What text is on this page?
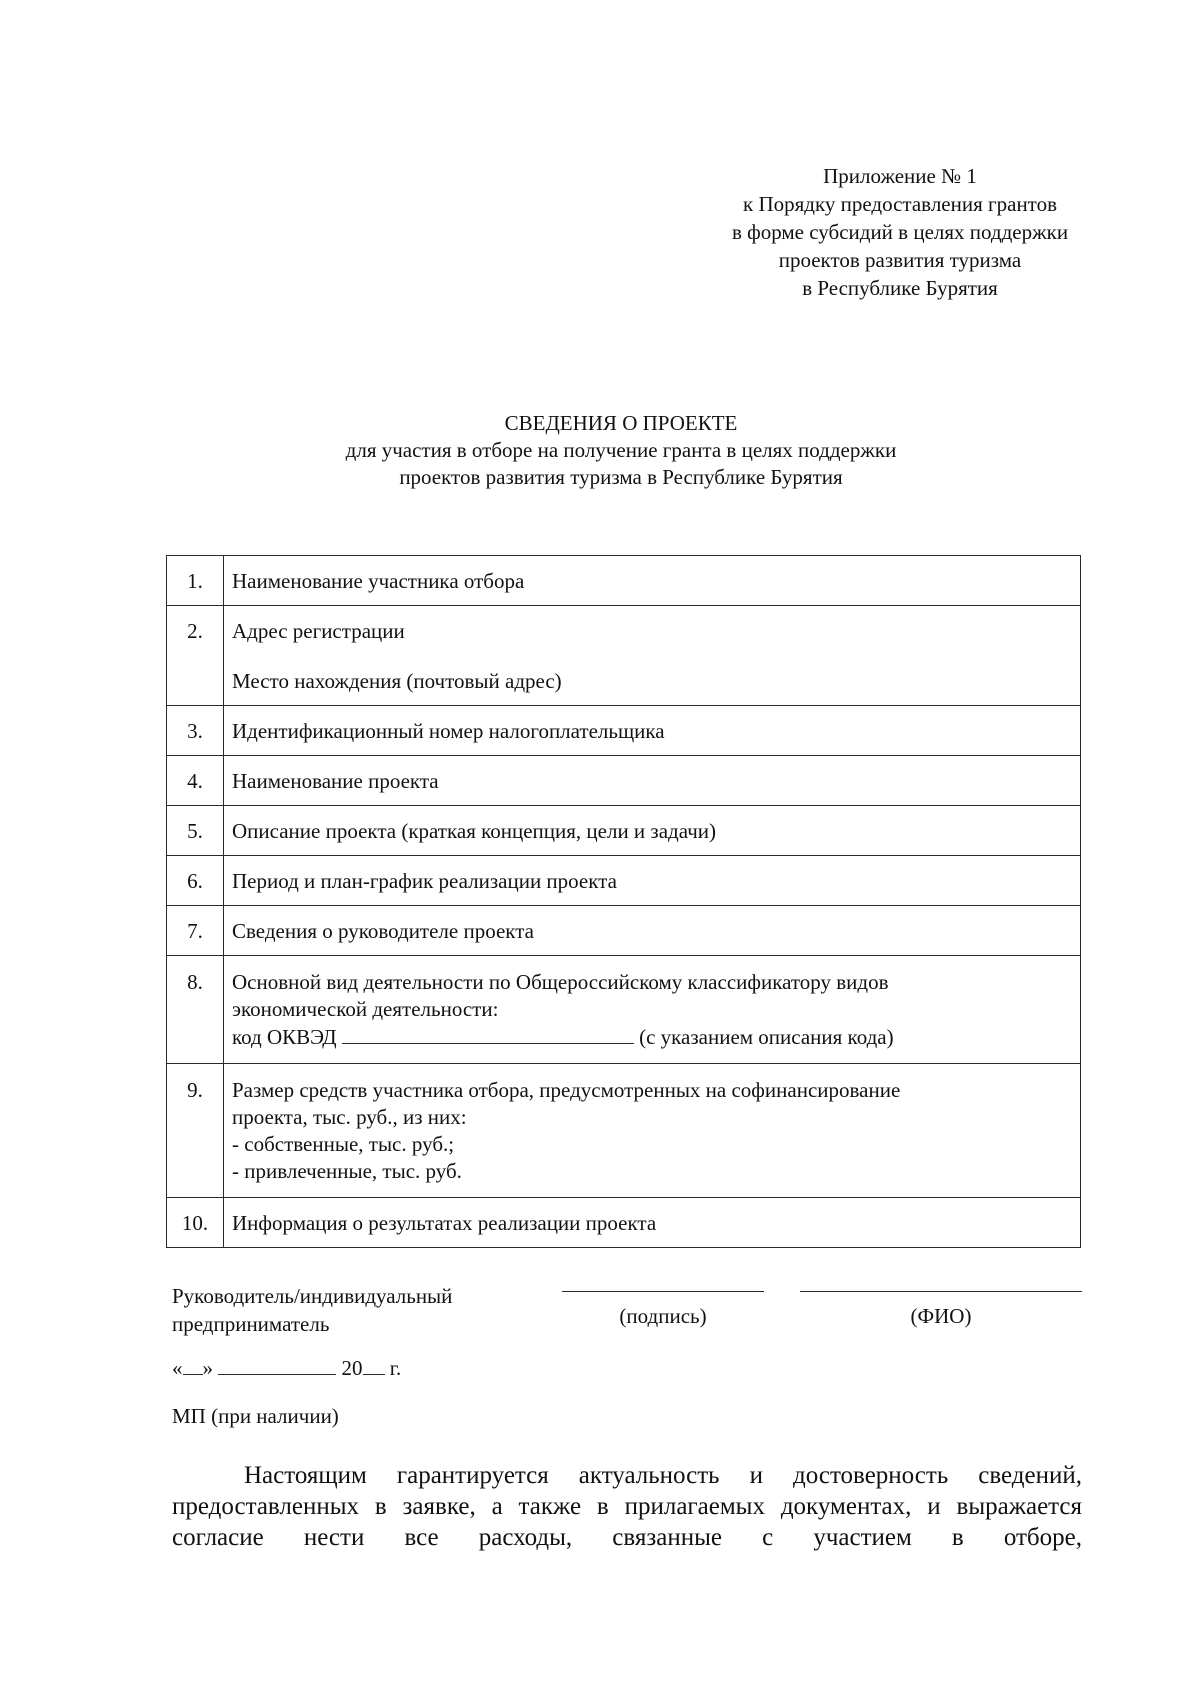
Приложение № 1
к Порядку предоставления грантов
в форме субсидий в целях поддержки
проектов развития туризма
в Республике Бурятия
СВЕДЕНИЯ О ПРОЕКТЕ
для участия в отборе на получение гранта в целях поддержки
проектов развития туризма в Республике Бурятия
1.	Наименование участника отбора

2.	Адрес регистрации
Место нахождения (почтовый адрес)

3.	Идентификационный номер налогоплательщика

4.	Наименование проекта

5.	Описание проекта (краткая концепция, цели и задачи)

6.	Период и план-график реализации проекта

7.	Сведения о руководителе проекта

8.	Основной вид деятельности по Общероссийскому классификатору видов
экономической деятельности:
код ОКВЭД (с указанием описания кода)

9.	Размер средств участника отбора, предусмотренных на софинансирование
проекта, тыс. руб., из них:
- собственные, тыс. руб.;
- привлеченные, тыс. руб.

10.	Информация о результатах реализации проекта
Руководитель/индивидуальный
предприниматель	(подпись)	(ФИО)
« »	20 г.
МП (при наличии)
Настоящим гарантируется актуальность и достоверность сведений, предоставленных в заявке, а также в прилагаемых документах, и выражается согласие нести все расходы, связанные с участием в отборе,
